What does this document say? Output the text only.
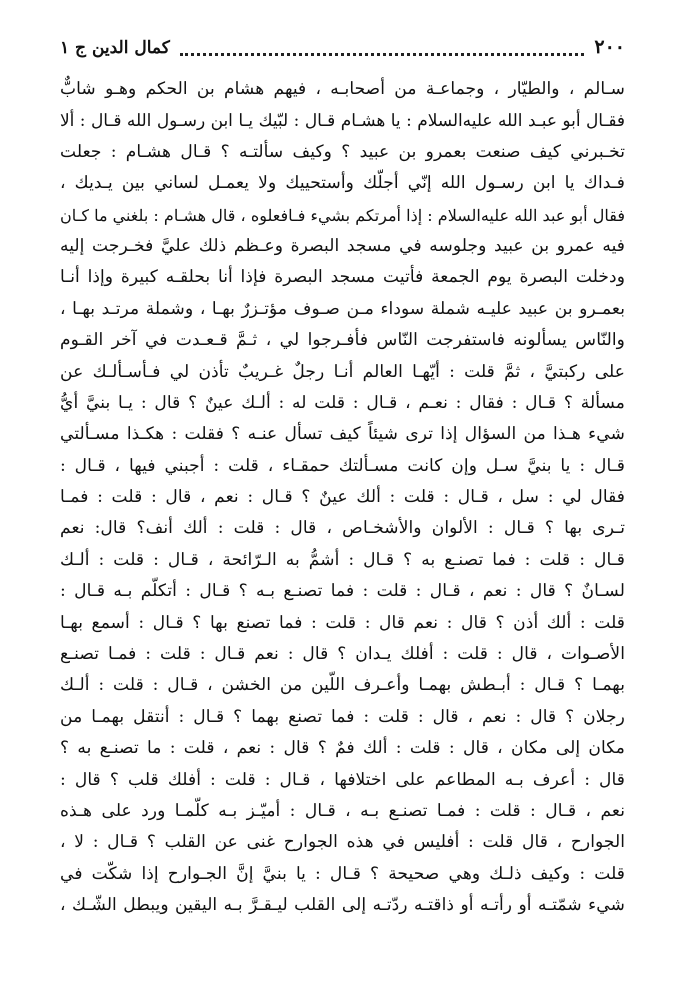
٢٠٠
كمال الدين ج ١
سـالم ، والطيّار ، وجماعـة من أصحابـه ، فيهم هشام بن الحكم وهـو شابٌّ
فقـال أبو عبـد الله عليه‌السلام : يا هشـام قـال : لبّيك يـا ابن رسـول الله قـال : ألا
تخـبرني كيف صنعت بعمرو بن عبيد ؟ وكيف سألتـه ؟ قـال هشـام : جعلت
فـداك يا ابن رسـول الله إنّي أجلّك وأستحييك ولا يعمـل لساني بين يـديك ،
فقال أبو عبد الله عليه‌السلام : إذا أمرتكم بشيء فـافعلوه ، قال هشـام : بلغني ما كـان
فيه عمرو بن عبيد وجلوسه في مسجد البصرة وعـظم ذلك عليَّ فخـرجت إليه
ودخلت البصرة يوم الجمعة فأتيت مسجد البصرة فإذا أنا بحلقـه كبيرة وإذا أنـا
بعمـرو بن عبيد عليـه شملة سوداء مـن صـوف مؤتـزرٌ بهـا ، وشملة مرتـد بهـا ،
والنّاس يسألونه فاستفرجت النّاس فأفـرجوا لي ، ثـمَّ قـعـدت في آخر القـوم
على ركبتيَّ ، ثمَّ قلت : أيّهـا العالم أنـا رجلٌ غـريبٌ تأذن لي فـأسـألـك عن
مسألة ؟ قـال : فقال : نعـم ، قـال : قلت له : ألـك عينٌ ؟ قال : يـا بنيَّ أيُّ
شيء هـذا من السؤال إذا ترى شيئاً كيف تسأل عنـه ؟ فقلت : هكـذا مسـألتي
قـال : يا بنيَّ سـل وإن كانت مسـألتك حمقـاء ، قلت : أجبني فيها ، قـال :
فقال لي : سل ، قـال : قلت : ألك عينٌ ؟ قـال : نعم ، قال : قلت : فمـا
تـرى بها ؟ قـال : الألوان والأشخـاص ، قال : قلت : ألك أنف؟ قال: نعم
قـال : قلت : فما تصنـع به ؟ قـال : أشمُّ به الـرّائحة ، قـال : قلت : ألـك
لسـانٌ ؟ قال : نعم ، قـال : قلت : فما تصنـع بـه ؟ قـال : أتكلّم بـه قـال :
قلت : ألك أذن ؟ قال : نعم قال : قلت : فما تصنع بها ؟ قـال : أسمع بهـا
الأصـوات ، قال : قلت : أفلك يـدان ؟ قال : نعم قـال : قلت : فمـا تصنـع
بهمـا ؟ قـال : أبـطش بهمـا وأعـرف اللّين من الخشن ، قـال : قلت : ألـك
رجلان ؟ قال : نعم ، قال : قلت : فما تصنع بهما ؟ قـال : أنتقل بهمـا من
مكان إلى مكان ، قال : قلت : ألك فمٌ ؟ قال : نعم ، قلت : ما تصنـع به ؟
قال : أعرف بـه المطاعم على اختلافها ، قـال : قلت : أفلك قلب ؟ قال :
نعم ، قـال : قلت : فمـا تصنـع بـه ، قـال : أميّـز بـه كلّمـا ورد على هـذه
الجوارح ، قال قلت : أفليس في هذه الجوارح غنى عن القلب ؟ قـال : لا ،
قلت : وكيف ذلـك وهي صحيحة ؟ قـال : يا بنيَّ إنَّ الجـوارح إذا شكّت في
شيء شمّتـه أو رأتـه أو ذاقتـه ردّتـه إلى القلب ليـقـرَّ بـه اليقين ويبطل الشّـك ،
